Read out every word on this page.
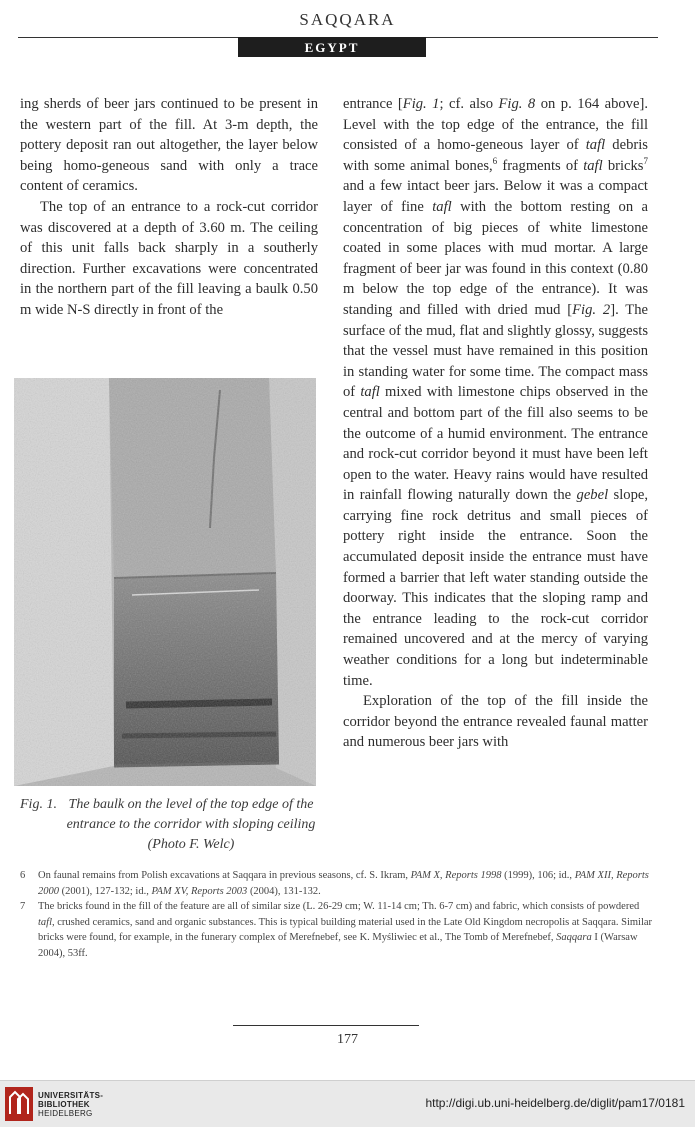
SAQQARA
EGYPT

ing sherds of beer jars continued to be present in the western part of the fill. At 3-m depth, the pottery deposit ran out altogether, the layer below being homo-geneous sand with only a trace content of ceramics.

The top of an entrance to a rock-cut corridor was discovered at a depth of 3.60 m. The ceiling of this unit falls back sharply in a southerly direction. Further excavations were concentrated in the northern part of the fill leaving a baulk 0.50 m wide N-S directly in front of the

Fig. 1. The baulk on the level of the top edge of the entrance to the corridor with sloping ceiling (Photo F. Welc)

entrance [Fig. 1; cf. also Fig. 8 on p. 164 above]. Level with the top edge of the entrance, the fill consisted of a homo-geneous layer of tafl debris with some animal bones,$^6$ fragments of tafl bricks$^7$ and a few intact beer jars. Below it was a compact layer of fine tafl with the bottom resting on a concentration of big pieces of white limestone coated in some places with mud mortar. A large fragment of beer jar was found in this context (0.80 m below the top edge of the entrance). It was standing and filled with dried mud [Fig. 2]. The surface of the mud, flat and slightly glossy, suggests that the vessel must have remained in this position in standing water for some time. The compact mass of tafl mixed with limestone chips observed in the central and bottom part of the fill also seems to be the outcome of a humid environment. The entrance and rock-cut corridor beyond it must have been left open to the water. Heavy rains would have resulted in rainfall flowing naturally down the gebel slope, carrying fine rock detritus and small pieces of pottery right inside the entrance. Soon the accumulated deposit inside the entrance must have formed a barrier that left water standing outside the doorway. This indicates that the sloping ramp and the entrance leading to the rock-cut corridor remained uncovered and at the mercy of varying weather conditions for a long but indeterminable time.

Exploration of the top of the fill inside the corridor beyond the entrance revealed faunal matter and numerous beer jars with

6 On faunal remains from Polish excavations at Saqqara in previous seasons, cf. S. Ikram, PAM X, Reports 1998 (1999), 106; id., PAM XII, Reports 2000 (2001), 127-132; id., PAM XV, Reports 2003 (2004), 131-132.

7 The bricks found in the fill of the feature are all of similar size (L. 26-29 cm; W. 11-14 cm; Th. 6-7 cm) and fabric, which consists of powdered tafl, crushed ceramics, sand and organic substances. This is typical building material used in the Late Old Kingdom necropolis at Saqqara. Similar bricks were found, for example, in the funerary complex of Merefnebef, see K. Myśliwiec et al., The Tomb of Merefnebef, Saqqara I (Warsaw 2004), 53ff.

177
UNIVERSITÄTS-
BIBLIOTHEK
HEIDELBERG
http://digi.ub.uni-heidelberg.de/diglit/pam17/0181
